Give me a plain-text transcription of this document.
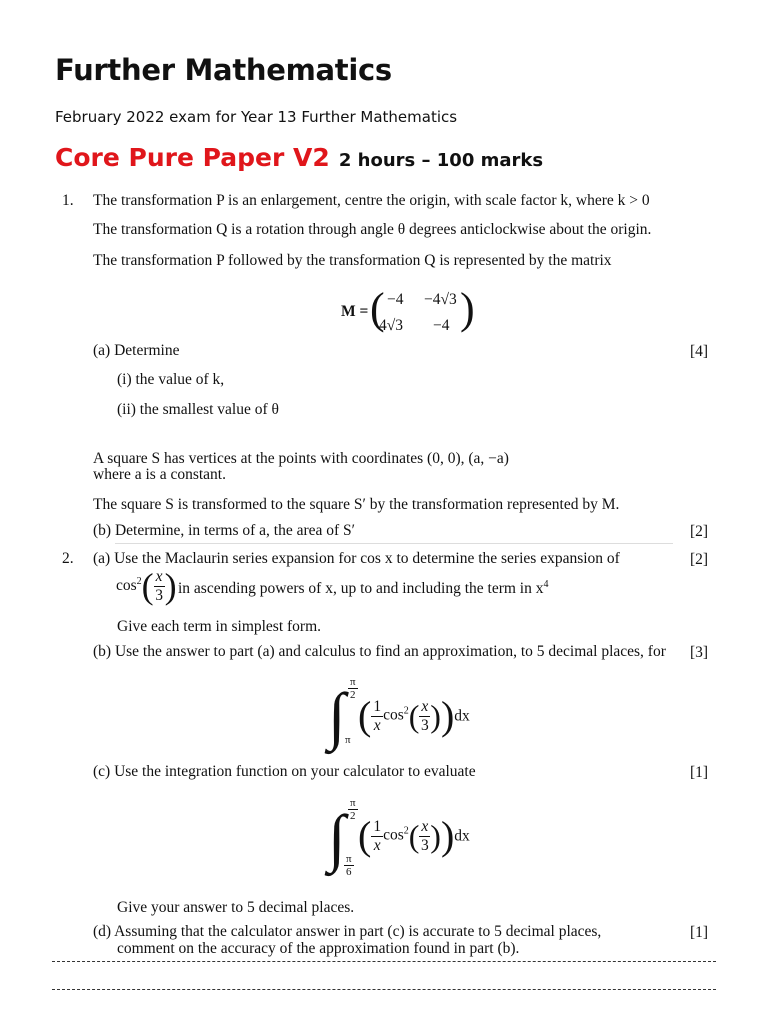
Further Mathematics
February 2022 exam for Year 13 Further Mathematics
Core Pure Paper V2 2 hours – 100 marks
1. The transformation P is an enlargement, centre the origin, with scale factor k, where k > 0
The transformation Q is a rotation through angle θ degrees anticlockwise about the origin.
The transformation P followed by the transformation Q is represented by the matrix
M = ( −4 −4√3
4√3 −4 )
(a) Determine	[4]
(i) the value of k,
(ii) the smallest value of θ
A square S has vertices at the points with coordinates (0, 0), (a, −a)
where a is a constant.
The square S is transformed to the square S′ by the transformation represented by M.
(b) Determine, in terms of a, the area of S′	[2]
2. (a) Use the Maclaurin series expansion for cos x to determine the series expansion of	[2]
$\cos^2( \frac{x}{3}$ ) in ascending powers of x, up to and including the term in $x^4$
Give each term in simplest form.
(b) Use the answer to part (a) and calculus to find an approximation, to 5 decimal places, for [3]
∫ $\frac{\pi}{2}$
π
( $\frac{1}{x} \cos^2( \frac{x}{3} ))dx$
(c) Use the integration function on your calculator to evaluate	[1]
∫ $\frac{\pi}{2}$
$\frac{\pi}{6}$
( $\frac{1}{x} \cos^2( \frac{x}{3} ))dx$
Give your answer to 5 decimal places.
(d) Assuming that the calculator answer in part (c) is accurate to 5 decimal places,
comment on the accuracy of the approximation found in part (b).
[1]
